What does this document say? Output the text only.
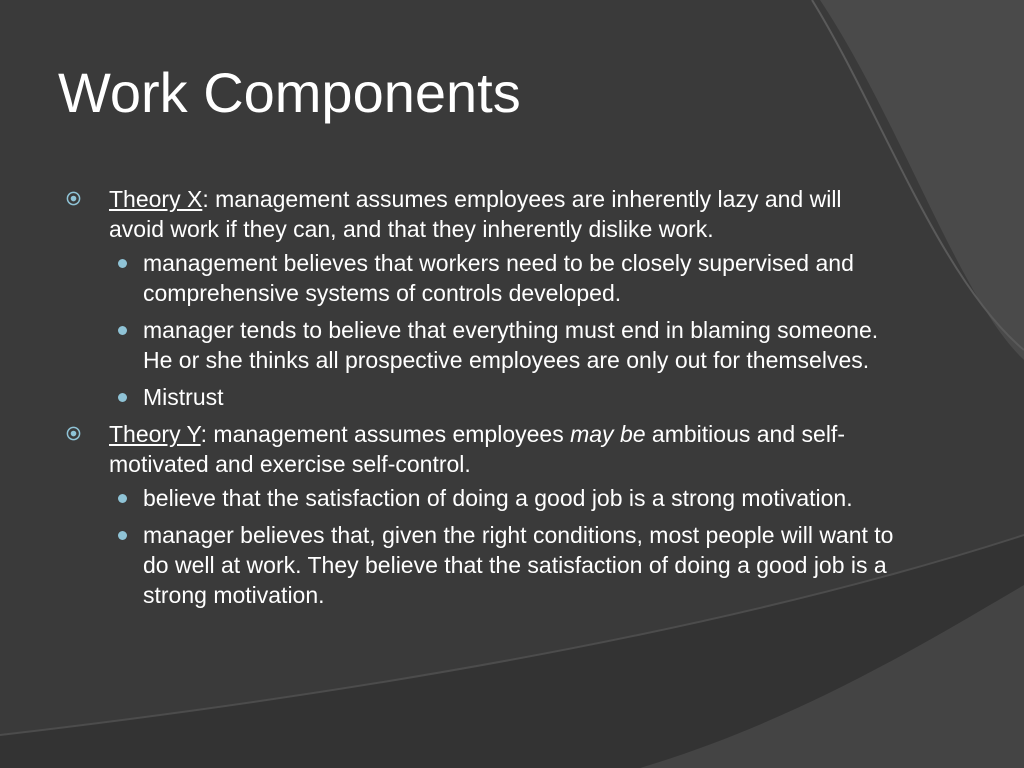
Work Components
Theory X: management assumes employees are inherently lazy and will avoid work if they can, and that they inherently dislike work.
management believes that workers need to be closely supervised and comprehensive systems of controls developed.
manager tends to believe that everything must end in blaming someone. He or she thinks all prospective employees are only out for themselves.
Mistrust
Theory Y: management assumes employees may be ambitious and self-motivated and exercise self-control.
believe that the satisfaction of doing a good job is a strong motivation.
manager believes that, given the right conditions, most people will want to do well at work. They believe that the satisfaction of doing a good job is a strong motivation.
